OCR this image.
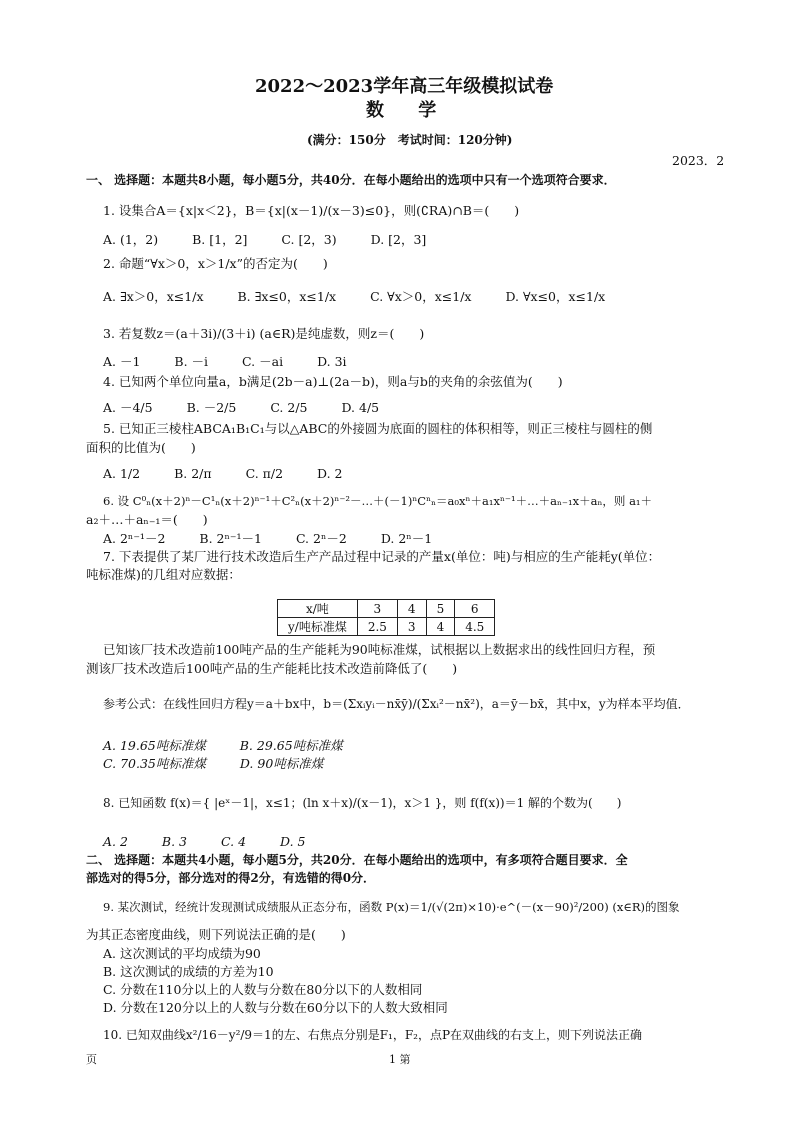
2022～2023学年高三年级模拟试卷
数 学
(满分：150分　考试时间：120分钟)
2023．2
一、 选择题：本题共8小题，每小题5分，共40分．在每小题给出的选项中只有一个选项符合要求．
1. 设集合A＝{x|x＜2}，B＝{x|(x－1)/(x－3)≤0}，则(∁RA)∩B＝(　　)
A. (1，2)	B. [1，2]	C. [2，3)	D. [2，3]
2. 命题“∀x＞0，x＞1/x”的否定为(　　)
A. ∃x＞0，x≤1/x	B. ∃x≤0，x≤1/x	C. ∀x＞0，x≤1/x	D. ∀x≤0，x≤1/x
3. 若复数z＝(a＋3i)/(3＋i) (a∈R)是纯虚数，则z＝(　　)
A. －1	B. －i	C. －ai	D. 3i
4. 已知两个单位向量a，b满足(2b－a)⊥(2a－b)，则a与b的夹角的余弦值为(　　)
A. －4/5	B. －2/5	C. 2/5	D. 4/5
5. 已知正三棱柱ABCA₁B₁C₁与以△ABC的外接圆为底面的圆柱的体积相等，则正三棱柱与圆柱的侧
面积的比值为(　　)
A. 1/2	B. 2/π	C. π/2	D. 2
6. 设 C⁰ₙ(x＋2)ⁿ－C¹ₙ(x＋2)ⁿ⁻¹＋C²ₙ(x＋2)ⁿ⁻²－…＋(－1)ⁿCⁿₙ＝a₀xⁿ＋a₁xⁿ⁻¹＋…＋aₙ₋₁x＋aₙ，则 a₁＋
a₂＋…＋aₙ₋₁＝(　　)
A. 2ⁿ⁻¹－2	B. 2ⁿ⁻¹－1	C. 2ⁿ－2	D. 2ⁿ－1
7. 下表提供了某厂进行技术改造后生产产品过程中记录的产量x(单位：吨)与相应的生产能耗y(单位：
吨标准煤)的几组对应数据：
x/吨	3	4	5	6
y/吨标准煤	2.5	3	4	4.5
已知该厂技术改造前100吨产品的生产能耗为90吨标准煤，试根据以上数据求出的线性回归方程，预
测该厂技术改造后100吨产品的生产能耗比技术改造前降低了(　　)
参考公式：在线性回归方程y＝a＋bx中，b＝(Σxᵢyᵢ－nx̄ȳ)/(Σxᵢ²－nx̄²)，a＝ȳ－bx̄，其中x，y为样本平均值．
A. 19.65吨标准煤	B. 29.65吨标准煤
C. 70.35吨标准煤	D. 90吨标准煤
8. 已知函数 f(x)＝{ |eˣ－1|，x≤1；(ln x＋x)/(x－1)，x＞1 }，则 f(f(x))＝1 解的个数为(　　)
A. 2	B. 3	C. 4	D. 5
二、 选择题：本题共4小题，每小题5分，共20分．在每小题给出的选项中，有多项符合题目要求．全
部选对的得5分，部分选对的得2分，有选错的得0分．
9. 某次测试，经统计发现测试成绩服从正态分布，函数 P(x)＝1/(√(2π)×10)·e^(－(x－90)²/200) (x∈R)的图象
为其正态密度曲线，则下列说法正确的是(　　)
A. 这次测试的平均成绩为90
B. 这次测试的成绩的方差为10
C. 分数在110分以上的人数与分数在80分以下的人数相同
D. 分数在120分以上的人数与分数在60分以下的人数大致相同
10. 已知双曲线x²/16－y²/9＝1的左、右焦点分别是F₁，F₂，点P在双曲线的右支上，则下列说法正确
页	1 第
